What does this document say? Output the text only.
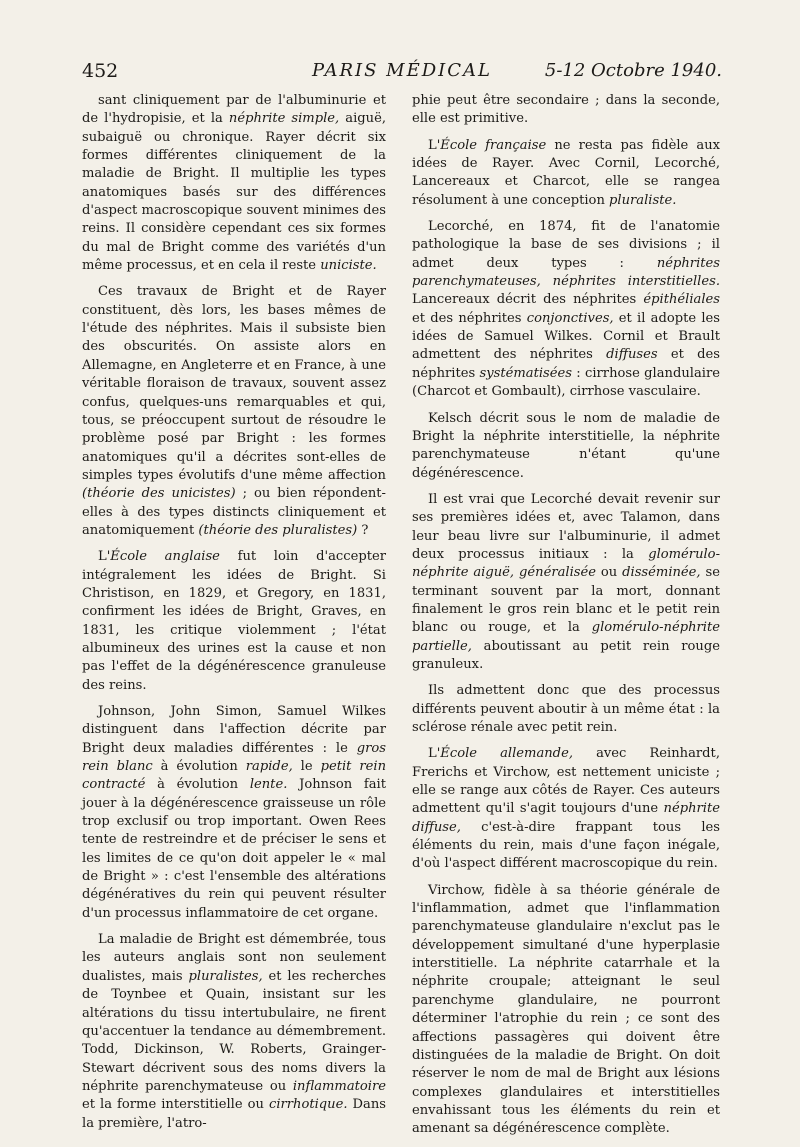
452	PARIS MÉDICAL	5-12 Octobre 1940.

sant cliniquement par de l'albuminurie et de l'hydropisie, et la néphrite simple, aiguë, subaiguë ou chronique. Rayer décrit six formes différentes cliniquement de la maladie de Bright. Il multiplie les types anatomiques basés sur des différences d'aspect macroscopique souvent minimes des reins. Il considère cependant ces six formes du mal de Bright comme des variétés d'un même processus, et en cela il reste uniciste.

Ces travaux de Bright et de Rayer constituent, dès lors, les bases mêmes de l'étude des néphrites. Mais il subsiste bien des obscurités. On assiste alors en Allemagne, en Angleterre et en France, à une véritable floraison de travaux, souvent assez confus, quelques-uns remarquables et qui, tous, se préoccupent surtout de résoudre le problème posé par Bright : les formes anatomiques qu'il a décrites sont-elles de simples types évolutifs d'une même affection (théorie des unicistes) ; ou bien répondent-elles à des types distincts cliniquement et anatomiquement (théorie des pluralistes) ?

L'École anglaise fut loin d'accepter intégralement les idées de Bright. Si Christison, en 1829, et Gregory, en 1831, confirment les idées de Bright, Graves, en 1831, les critique violemment ; l'état albumineux des urines est la cause et non pas l'effet de la dégénérescence granuleuse des reins.

Johnson, John Simon, Samuel Wilkes distinguent dans l'affection décrite par Bright deux maladies différentes : le gros rein blanc à évolution rapide, le petit rein contracté à évolution lente. Johnson fait jouer à la dégénérescence graisseuse un rôle trop exclusif ou trop important. Owen Rees tente de restreindre et de préciser le sens et les limites de ce qu'on doit appeler le « mal de Bright » : c'est l'ensemble des altérations dégénératives du rein qui peuvent résulter d'un processus inflammatoire de cet organe.

La maladie de Bright est démembrée, tous les auteurs anglais sont non seulement dualistes, mais pluralistes, et les recherches de Toynbee et Quain, insistant sur les altérations du tissu intertubulaire, ne firent qu'accentuer la tendance au démembrement. Todd, Dickinson, W. Roberts, Grainger-Stewart décrivent sous des noms divers la néphrite parenchymateuse ou inflammatoire et la forme interstitielle ou cirrhotique. Dans la première, l'atro-

phie peut être secondaire ; dans la seconde, elle est primitive.

L'École française ne resta pas fidèle aux idées de Rayer. Avec Cornil, Lecorché, Lancereaux et Charcot, elle se rangea résolument à une conception pluraliste.

Lecorché, en 1874, fit de l'anatomie pathologique la base de ses divisions ; il admet deux types : néphrites parenchymateuses, néphrites interstitielles. Lancereaux décrit des néphrites épithéliales et des néphrites conjonctives, et il adopte les idées de Samuel Wilkes. Cornil et Brault admettent des néphrites diffuses et des néphrites systématisées : cirrhose glandulaire (Charcot et Gombault), cirrhose vasculaire.

Kelsch décrit sous le nom de maladie de Bright la néphrite interstitielle, la néphrite parenchymateuse n'étant qu'une dégénérescence.

Il est vrai que Lecorché devait revenir sur ses premières idées et, avec Talamon, dans leur beau livre sur l'albuminurie, il admet deux processus initiaux : la glomérulo-néphrite aiguë, généralisée ou disséminée, se terminant souvent par la mort, donnant finalement le gros rein blanc et le petit rein blanc ou rouge, et la glomérulo-néphrite partielle, aboutissant au petit rein rouge granuleux.

Ils admettent donc que des processus différents peuvent aboutir à un même état : la sclérose rénale avec petit rein.

L'École allemande, avec Reinhardt, Frerichs et Virchow, est nettement uniciste ; elle se range aux côtés de Rayer. Ces auteurs admettent qu'il s'agit toujours d'une néphrite diffuse, c'est-à-dire frappant tous les éléments du rein, mais d'une façon inégale, d'où l'aspect différent macroscopique du rein.

Virchow, fidèle à sa théorie générale de l'inflammation, admet que l'inflammation parenchymateuse glandulaire n'exclut pas le développement simultané d'une hyperplasie interstitielle. La néphrite catarrhale et la néphrite croupale; atteignant le seul parenchyme glandulaire, ne pourront déterminer l'atrophie du rein ; ce sont des affections passagères qui doivent être distinguées de la maladie de Bright. On doit réserver le nom de mal de Bright aux lésions complexes glandulaires et interstitielles envahissant tous les éléments du rein et amenant sa dégénérescence complète.
